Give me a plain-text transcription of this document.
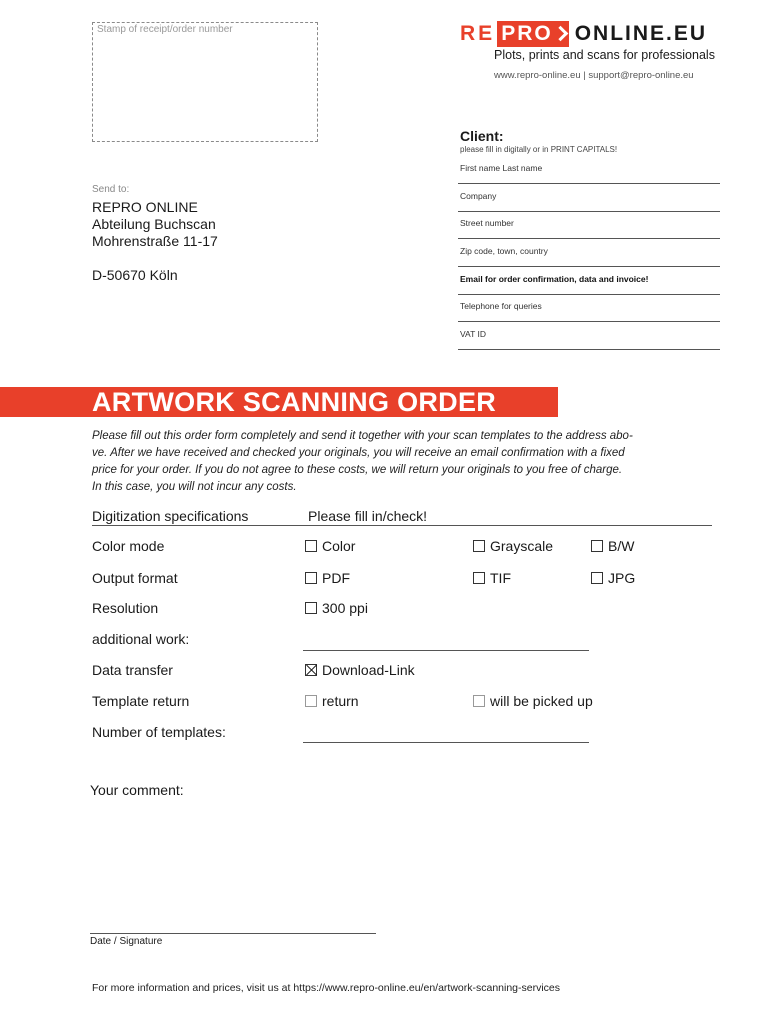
Stamp of receipt/order number	RE PRO	ONLINE.EU
Plots, prints and scans for professionals
www.repro-online.eu | support@repro-online.eu
Client:
please fill in digitally or in PRINT CAPITALS!
First name Last name
Company
Street number
Zip code, town, country
Email for order confirmation, data and invoice!
Telephone for queries
VAT ID
Send to:
REPRO ONLINE
Abteilung Buchscan
Mohrenstraße 11-17
D-50670 Köln
ARTWORK SCANNING ORDER

Please fill out this order form completely and send it together with your scan templates to the address abo-

ve. After we have received and checked your originals, you will receive an email confirmation with a fixed

price for your order. If you do not agree to these costs, we will return your originals to you free of charge.

In this case, you will not incur any costs.

Digitization specifications	Please fill in/check!
Color mode	Color	Grayscale	B/W
Output format	PDF	TIF	JPG
Resolution	300 ppi
additional work:
Data transfer	Download-Link
Template return	return	will be picked up
Number of templates:
Your comment:
Date / Signature
For more information and prices, visit us at https://www.repro-online.eu/en/artwork-scanning-services
